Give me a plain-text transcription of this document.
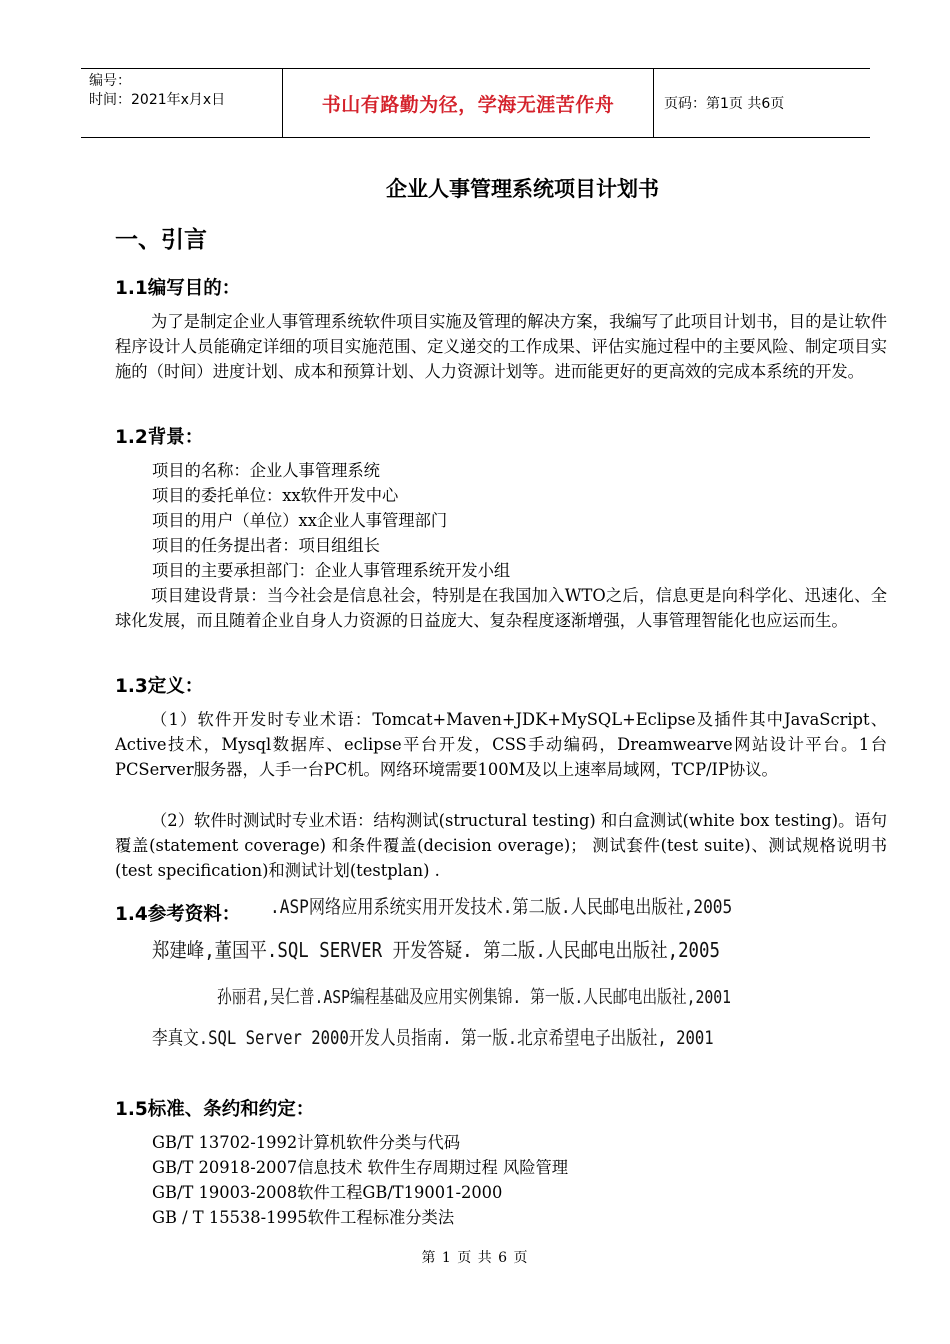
编号：
时间：2021年x月x日	书山有路勤为径，学海无涯苦作舟	页码：第1页 共6页
企业人事管理系统项目计划书
一、引言
1.1编写目的：
为了是制定企业人事管理系统软件项目实施及管理的解决方案，我编写了此项目计划书，目的是让软件程序设计人员能确定详细的项目实施范围、定义递交的工作成果、评估实施过程中的主要风险、制定项目实施的（时间）进度计划、成本和预算计划、人力资源计划等。进而能更好的更高效的完成本系统的开发。
1.2背景：
项目的名称：企业人事管理系统
项目的委托单位：xx软件开发中心
项目的用户（单位）xx企业人事管理部门
项目的任务提出者：项目组组长
项目的主要承担部门：企业人事管理系统开发小组
项目建设背景：当今社会是信息社会，特别是在我国加入WTO之后，信息更是向科学化、迅速化、全球化发展，而且随着企业自身人力资源的日益庞大、复杂程度逐渐增强，人事管理智能化也应运而生。
1.3定义：
（1）软件开发时专业术语：Tomcat+Maven+JDK+MySQL+Eclipse及插件其中JavaScript、Active技术，Mysql数据库、eclipse平台开发，CSS手动编码，Dreamwearve网站设计平台。1台PCServer服务器，人手一台PC机。网络环境需要100M及以上速率局域网，TCP/IP协议。
（2）软件时测试时专业术语：结构测试(structural testing) 和白盒测试(white box testing)。语句覆盖(statement coverage) 和条件覆盖(decision overage)； 测试套件(test suite)、测试规格说明书(test specification)和测试计划(testplan) .
1.4参考资料： .ASP网络应用系统实用开发技术.第二版.人民邮电出版社,2005
郑建峰,董国平.SQL SERVER 开发答疑. 第二版.人民邮电出版社,2005
孙丽君,吴仁普.ASP编程基础及应用实例集锦. 第一版.人民邮电出版社,2001
李真文.SQL Server 2000开发人员指南. 第一版.北京希望电子出版社, 2001
1.5标准、条约和约定：
GB/T 13702-1992计算机软件分类与代码
GB/T 20918-2007信息技术 软件生存周期过程 风险管理
GB/T 19003-2008软件工程GB/T19001-2000
GB / T 15538-1995软件工程标准分类法
第 1 页 共 6 页
